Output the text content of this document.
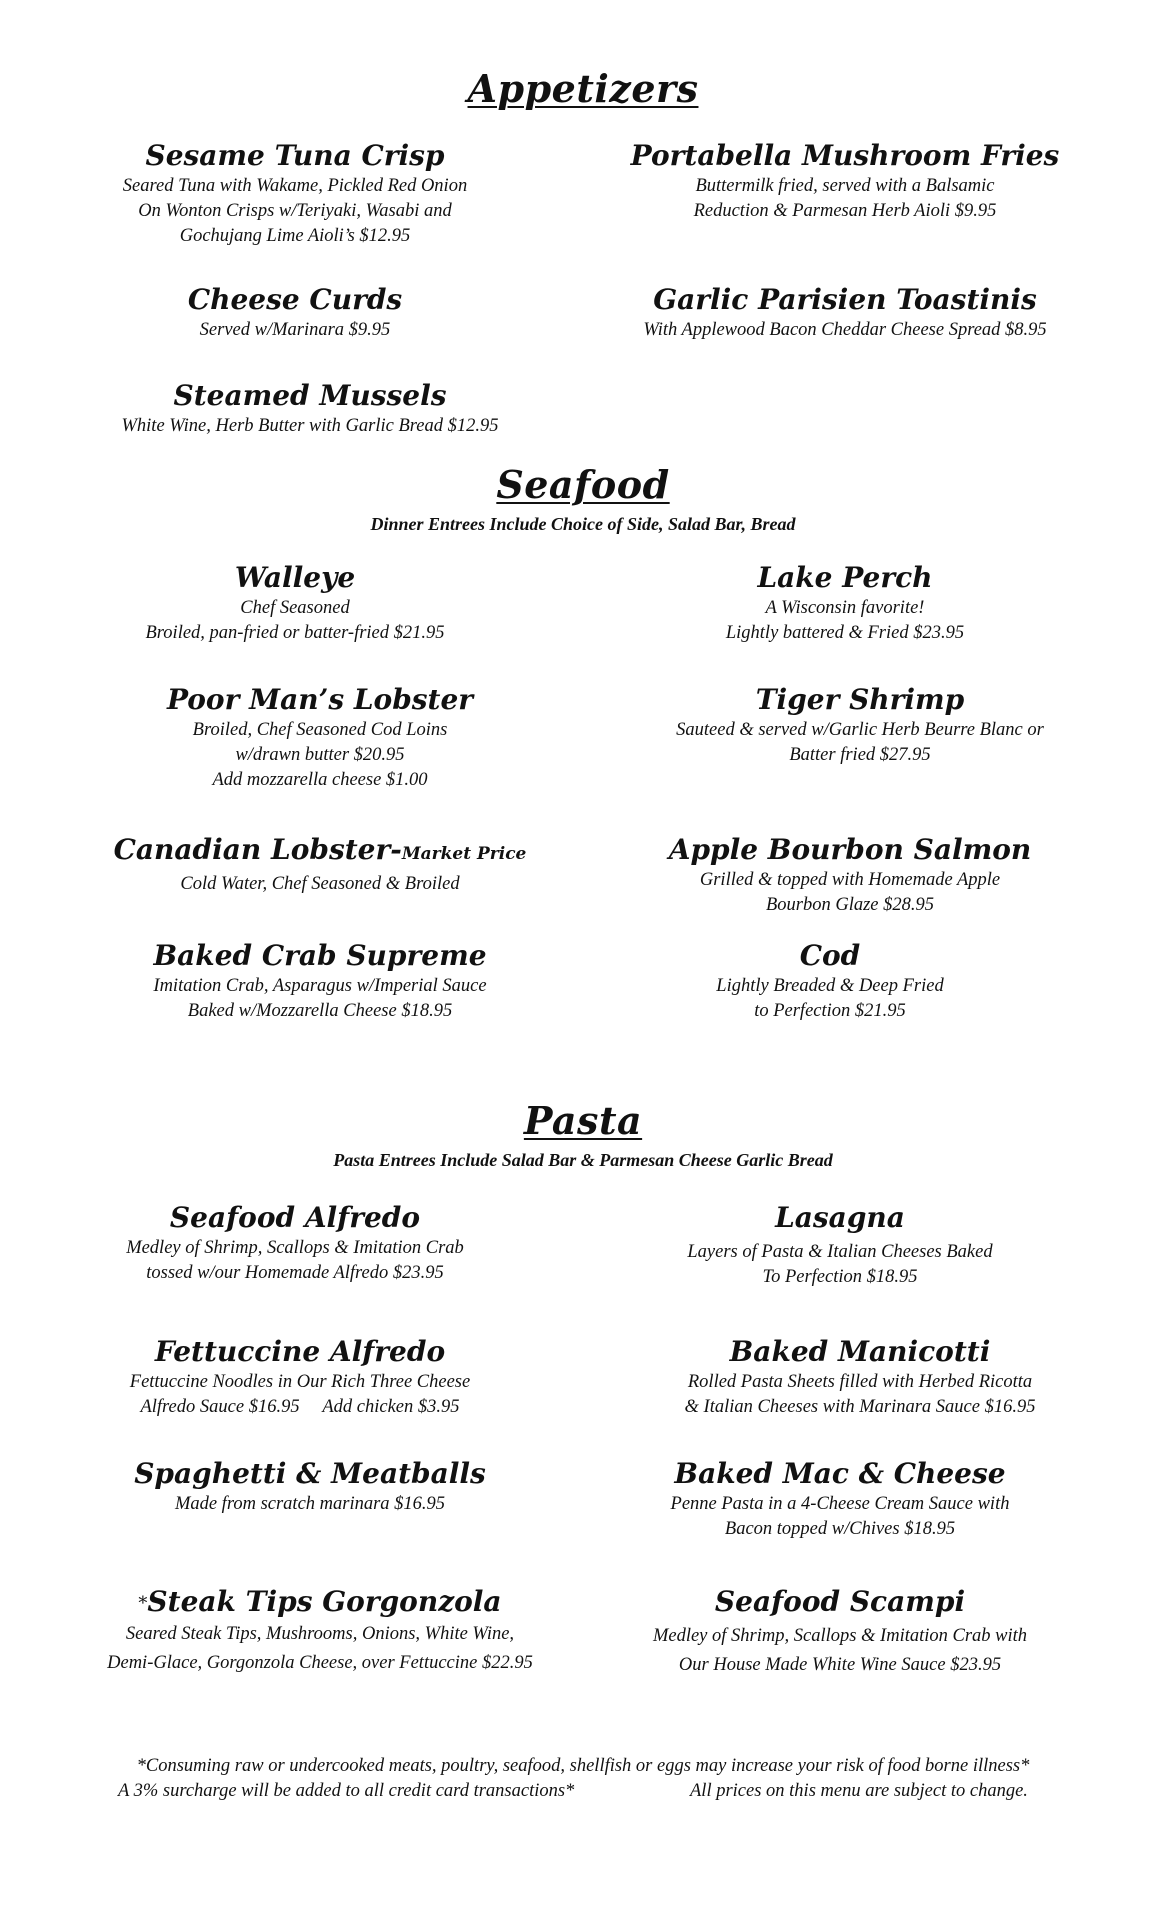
Appetizers
Sesame Tuna Crisp
Seared Tuna with Wakame, Pickled Red Onion
On Wonton Crisps w/Teriyaki, Wasabi and
Gochujang Lime Aioli’s $12.95
Portabella Mushroom Fries
Buttermilk fried, served with a Balsamic
Reduction & Parmesan Herb Aioli $9.95
Cheese Curds
Served w/Marinara $9.95
Garlic Parisien Toastinis
With Applewood Bacon Cheddar Cheese Spread $8.95
Steamed Mussels
White Wine, Herb Butter with Garlic Bread $12.95
Seafood
Dinner Entrees Include Choice of Side, Salad Bar, Bread
Walleye
Chef Seasoned
Broiled, pan-fried or batter-fried $21.95
Lake Perch
A Wisconsin favorite!
Lightly battered & Fried $23.95
Poor Man’s Lobster
Broiled, Chef Seasoned Cod Loins
w/drawn butter $20.95
Add mozzarella cheese $1.00
Tiger Shrimp
Sauteed & served w/Garlic Herb Beurre Blanc or
Batter fried $27.95
Canadian Lobster-Market Price
Cold Water, Chef Seasoned & Broiled
Apple Bourbon Salmon
Grilled & topped with Homemade Apple
Bourbon Glaze $28.95
Baked Crab Supreme
Imitation Crab, Asparagus w/Imperial Sauce
Baked w/Mozzarella Cheese $18.95
Cod
Lightly Breaded & Deep Fried
to Perfection $21.95
Pasta
Pasta Entrees Include Salad Bar & Parmesan Cheese Garlic Bread
Seafood Alfredo
Medley of Shrimp, Scallops & Imitation Crab
tossed w/our Homemade Alfredo $23.95
Lasagna
Layers of Pasta & Italian Cheeses Baked
To Perfection $18.95
Fettuccine Alfredo
Fettuccine Noodles in Our Rich Three Cheese
Alfredo Sauce $16.95     Add chicken $3.95
Baked Manicotti
Rolled Pasta Sheets filled with Herbed Ricotta
& Italian Cheeses with Marinara Sauce $16.95
Spaghetti & Meatballs
Made from scratch marinara $16.95
Baked Mac & Cheese
Penne Pasta in a 4-Cheese Cream Sauce with
Bacon topped w/Chives $18.95
*Steak Tips Gorgonzola
Seared Steak Tips, Mushrooms, Onions, White Wine,
Demi-Glace, Gorgonzola Cheese, over Fettuccine $22.95
Seafood Scampi
Medley of Shrimp, Scallops & Imitation Crab with
Our House Made White Wine Sauce $23.95
*Consuming raw or undercooked meats, poultry, seafood, shellfish or eggs may increase your risk of food borne illness*
A 3% surcharge will be added to all credit card transactions*	All prices on this menu are subject to change.
